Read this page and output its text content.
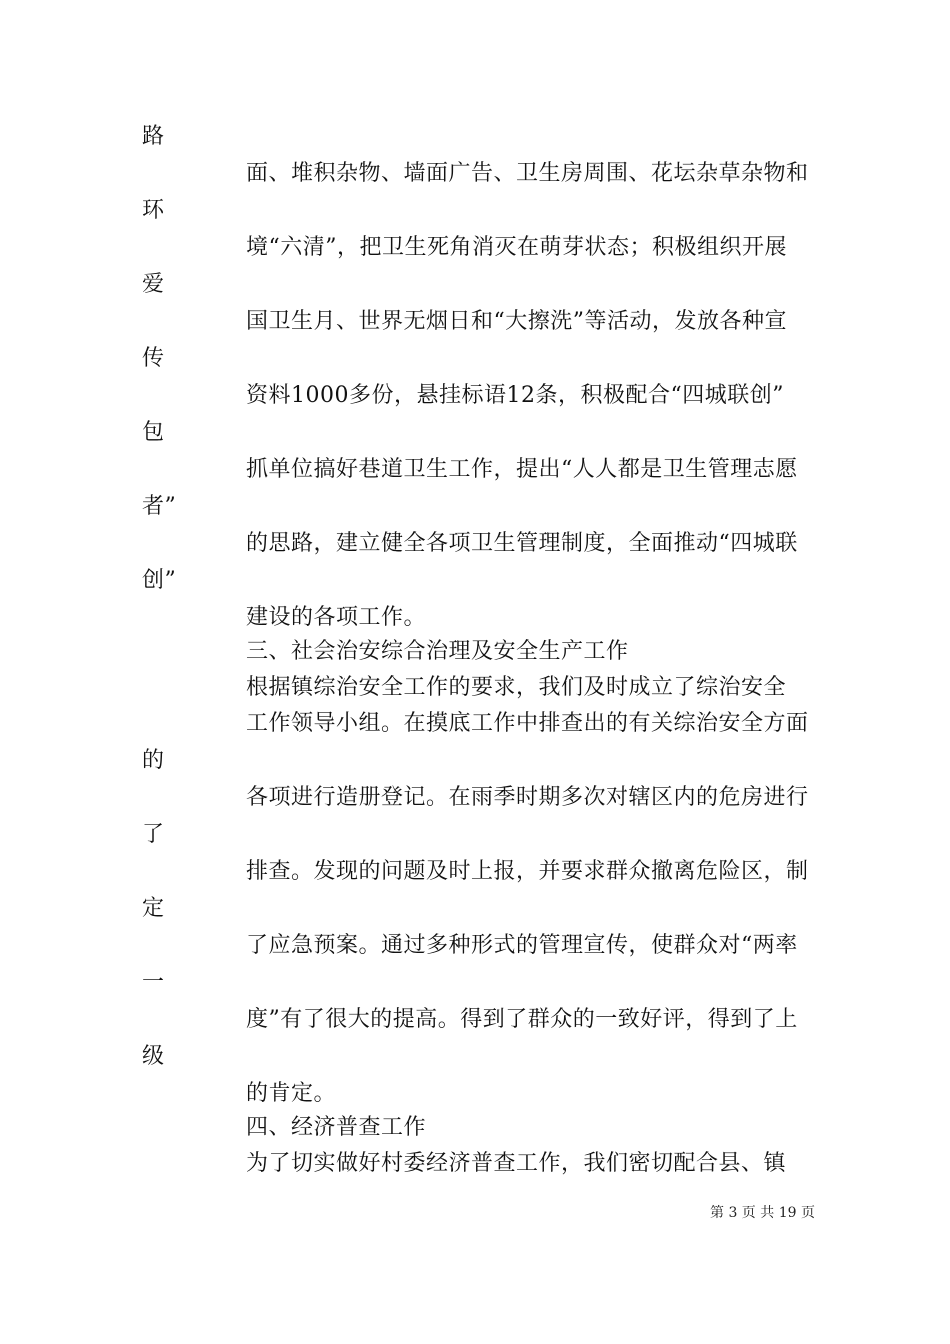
路
面、堆积杂物、墙面广告、卫生房周围、花坛杂草杂物和
环
境“六清”，把卫生死角消灭在萌芽状态；积极组织开展
爱
国卫生月、世界无烟日和“大擦洗”等活动，发放各种宣
传
资料1000多份，悬挂标语12条，积极配合“四城联创”
包
抓单位搞好巷道卫生工作，提出“人人都是卫生管理志愿
者”
的思路，建立健全各项卫生管理制度，全面推动“四城联
创”
建设的各项工作。
三、社会治安综合治理及安全生产工作
根据镇综治安全工作的要求，我们及时成立了综治安全
工作领导小组。在摸底工作中排查出的有关综治安全方面
的
各项进行造册登记。在雨季时期多次对辖区内的危房进行
了
排查。发现的问题及时上报，并要求群众撤离危险区，制
定
了应急预案。通过多种形式的管理宣传，使群众对“两率
一
度”有了很大的提高。得到了群众的一致好评，得到了上
级
的肯定。
四、经济普查工作
为了切实做好村委经济普查工作，我们密切配合县、镇
第 3 页 共 19 页
